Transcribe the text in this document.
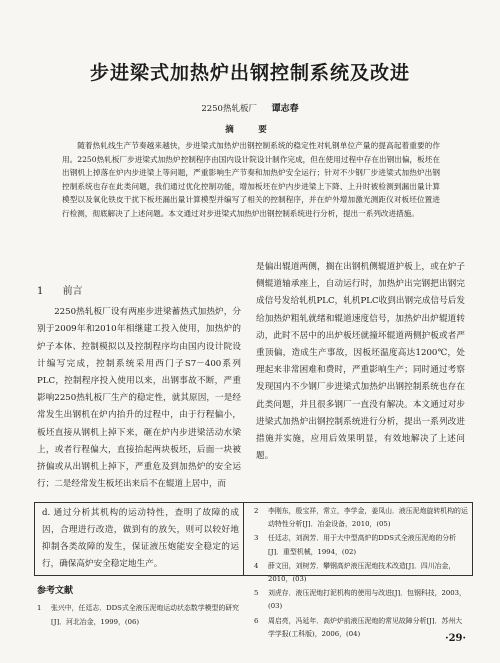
步进梁式加热炉出钢控制系统及改进
2250热轧板厂 谭志春
摘　要
随着热轧线生产节奏越来越快，步进梁式加热炉出钢控制系统的稳定性对轧钢单位产量的提高起着重要的作用。2250热轧板厂步进梁式加热炉控制程序由国内设计院设计制作完成，但在使用过程中存在出钢出偏，板坯在出钢机上掉落在炉内步进梁上等问题，严重影响生产节奏和加热炉安全运行；针对不少钢厂步进梁式加热炉出钢控制系统也存在此类问题，我们通过优化控制功能，增加板坯在炉内步进梁上下降、上升时被检测到漏出量计算模型以及氧化铁皮干扰下板坯漏出量计算模型并编写了相关的控制程序，并在炉外增加激光测距仪对板坯位置进行检测，彻底解决了上述问题。本文通过对步进梁式加热炉出钢控制系统进行分析，提出一系列改进措施。
1 前言

2250热轧板厂设有两座步进梁蓄热式加热炉，分别于2009年和2010年相继建工投入使用，加热炉的炉子本体、控制模拟以及控制程序均由国内设计院设计编写完成，控制系统采用西门子S7－400系列PLC，控制程序投入使用以来，出钢事故不断，严重影响2250热轧板厂生产的稳定性，就其原因，一是经常发生出钢机在炉内抬升的过程中，由于行程偏小，板坯直接从钢机上掉下来，砸在炉内步进梁活动水梁上，或者行程偏大，直接抬起两块板坯，后面一块被挤偏或从出钢机上掉下，严重危及到加热炉的安全运行；二是经常发生板坯出来后不在辊道上居中，而

是偏出辊道两侧，搁在出钢机侧辊道护板上，或在炉子侧辊道轴承座上，自动运行时，加热炉出完钢把出钢完成信号发给轧机PLC，轧机PLC收到出钢完成信号后发给加热炉粗轧就绪和辊道速度信号，加热炉出炉辊道转动，此时不居中的出炉板坯就撞坏辊道两侧护板或者严重顶偏，造成生产事故，因板坯温度高达1200℃，处理起来非常困难和费时，严重影响生产；同时通过考察发现国内不少钢厂步进梁式加热炉出钢控制系统也存在此类问题，并且很多钢厂一直没有解决。本文通过对步进梁式加热炉出钢控制系统进行分析，提出一系列改进措施并实施，应用后效果明显，有效地解决了上述问题。

d. 通过分析其机构的运动特性，查明了故障的成因，合理进行改造，做到有的放矢，则可以较好地抑制各类故障的发生，保证液压炮能安全稳定的运行，确保高炉安全稳定地生产。
参考文献
1	张兴中，任廷志．DDS式全液压泥炮运动状态数学模型的研究[J]．河北冶金，1999，(06)
2	李刚东，殷宝祥，常立，李学金，姜凤山．液压泥炮旋转机构的运动特性分析[J]．冶金设备，2010，(05)
3	任廷志，刘润芳．用于大中型高炉的DDS式全液压泥炮的分析[J]．重型机械，1994，(02)
4	薛文田，刘树芳．攀钢高炉液压泥炮技术改造[J]．四川冶金，2010，(03)
5	刘虎存．液压泥炮打泥机构的使用与改进[J]．包钢科技，2003，(03)
6	周启亮，冯延年．高炉炉前液压泥炮的常见故障分析[J]．苏州大学学报(工科版)，2006，(04)	·29·
